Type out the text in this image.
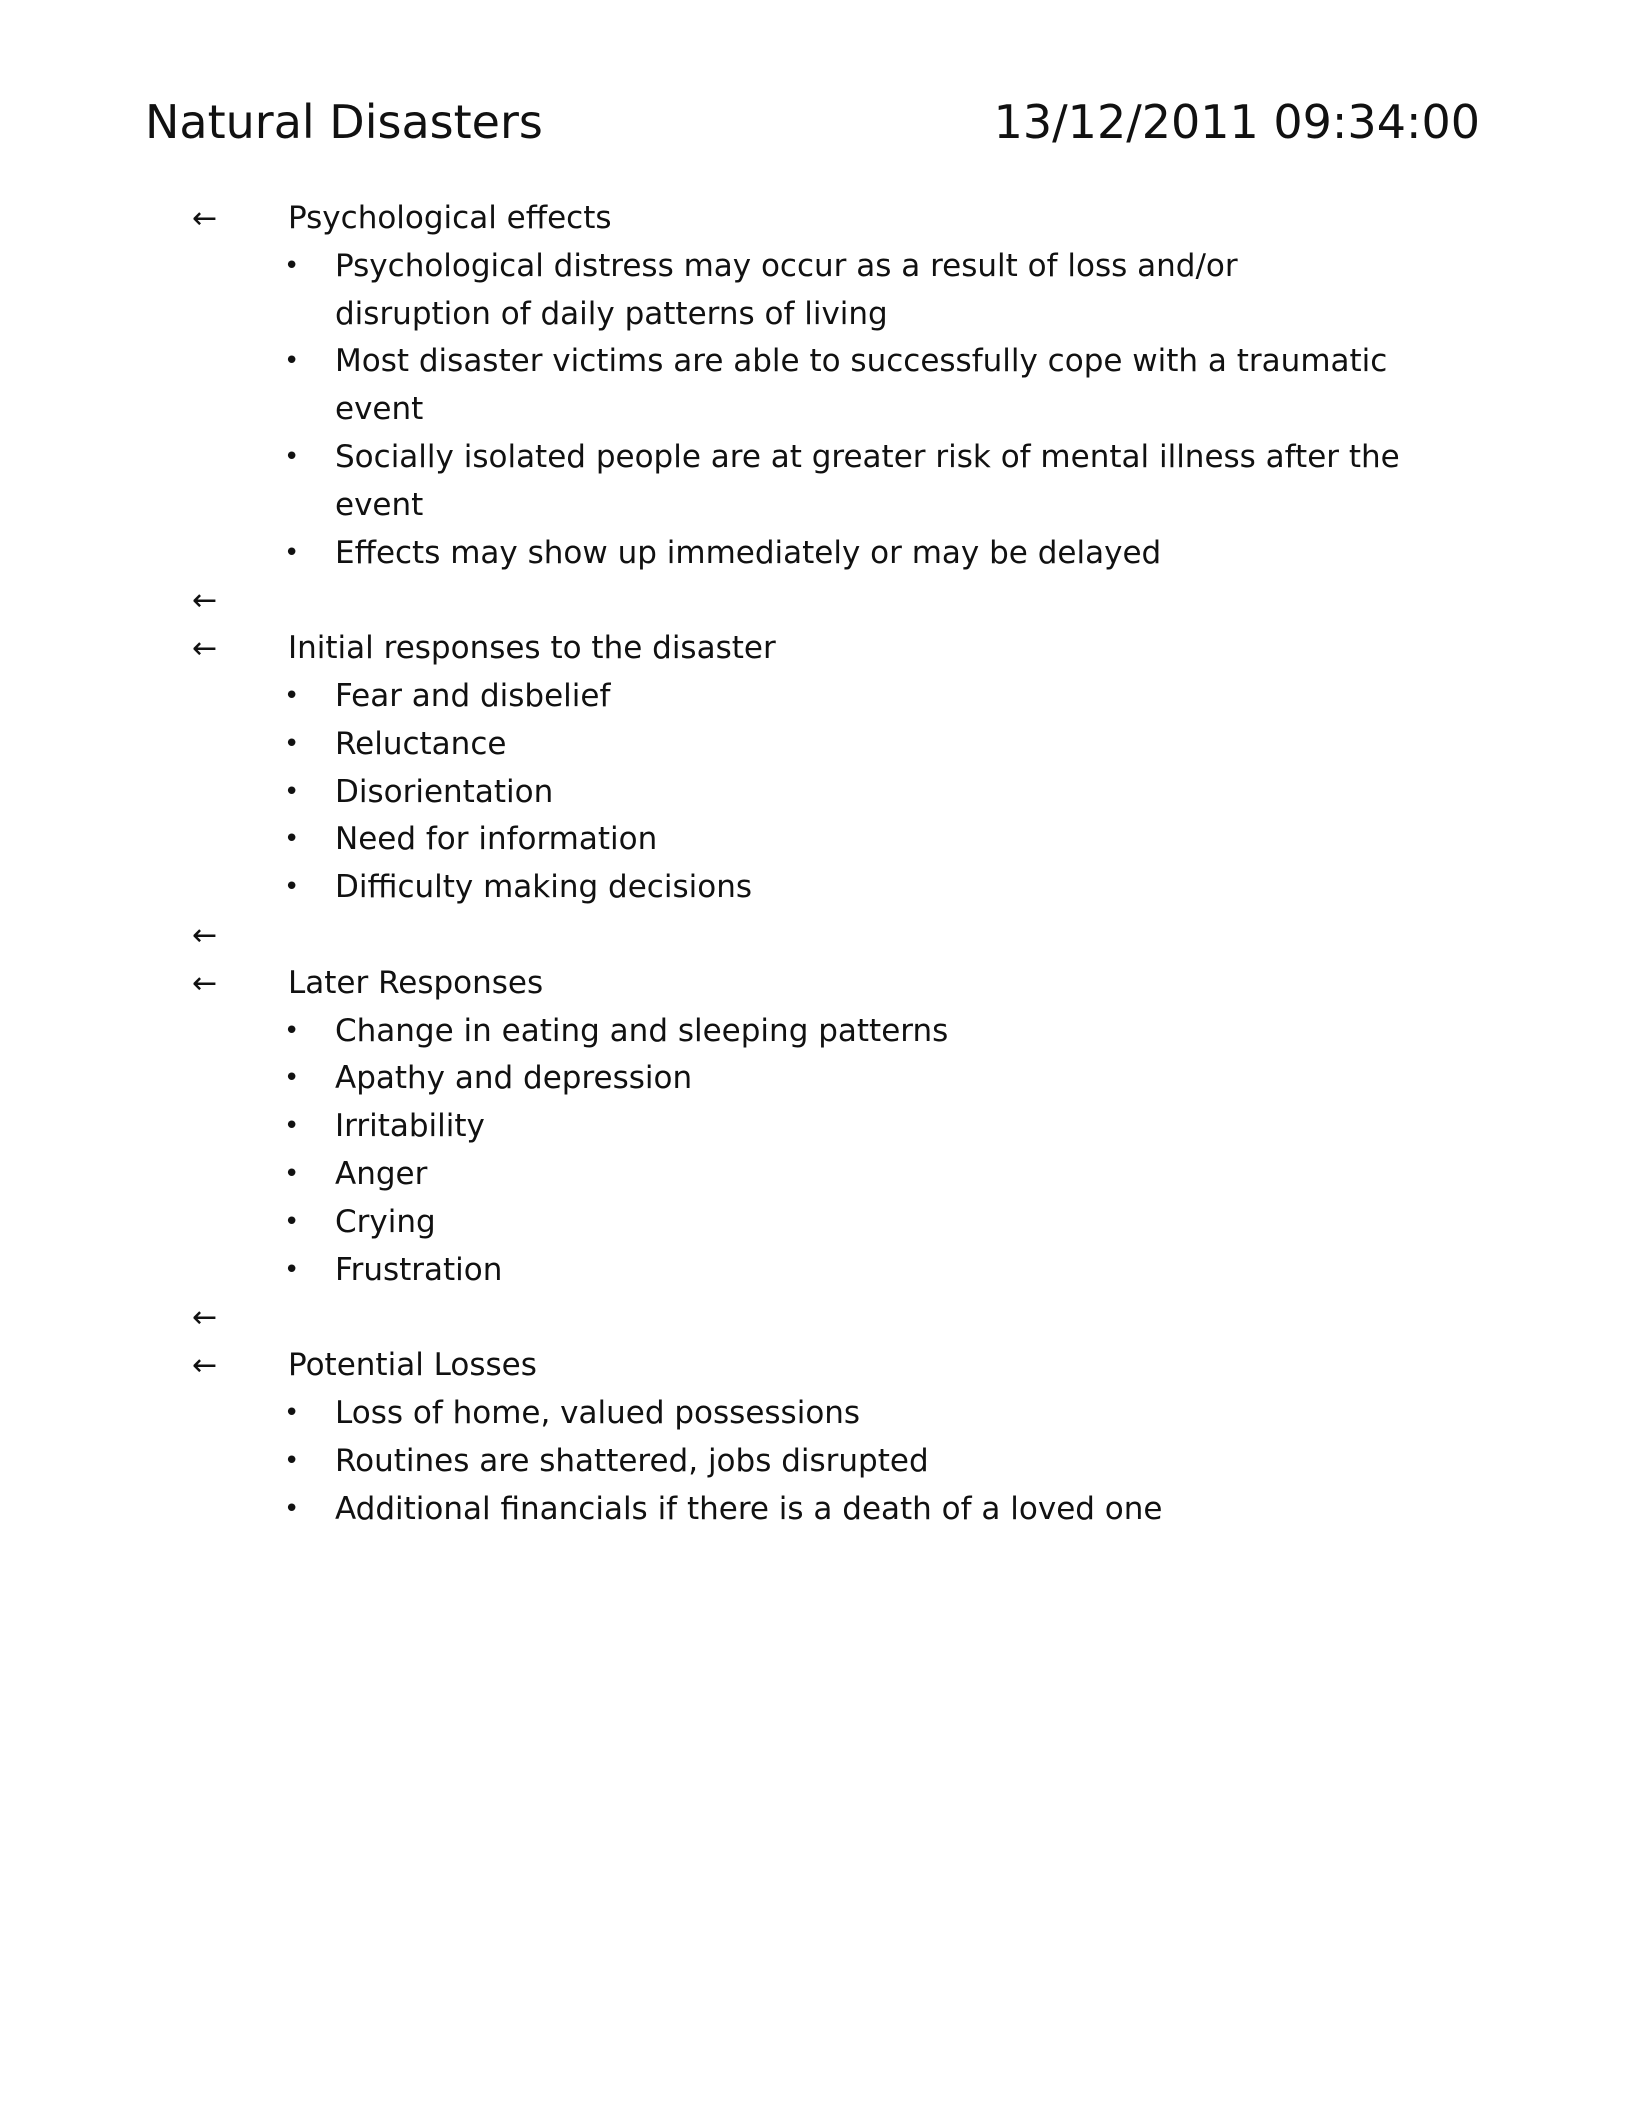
Natural Disasters	13/12/2011 09:34:00
← Psychological effects
• Psychological distress may occur as a result of loss and/or
disruption of daily patterns of living
• Most disaster victims are able to successfully cope with a traumatic
event
• Socially isolated people are at greater risk of mental illness after the
event
• Effects may show up immediately or may be delayed
←
← Initial responses to the disaster
• Fear and disbelief
• Reluctance
• Disorientation
• Need for information
• Difficulty making decisions
←
← Later Responses
• Change in eating and sleeping patterns
• Apathy and depression
• Irritability
• Anger
• Crying
• Frustration
←
← Potential Losses
• Loss of home, valued possessions
• Routines are shattered, jobs disrupted
• Additional financials if there is a death of a loved one
